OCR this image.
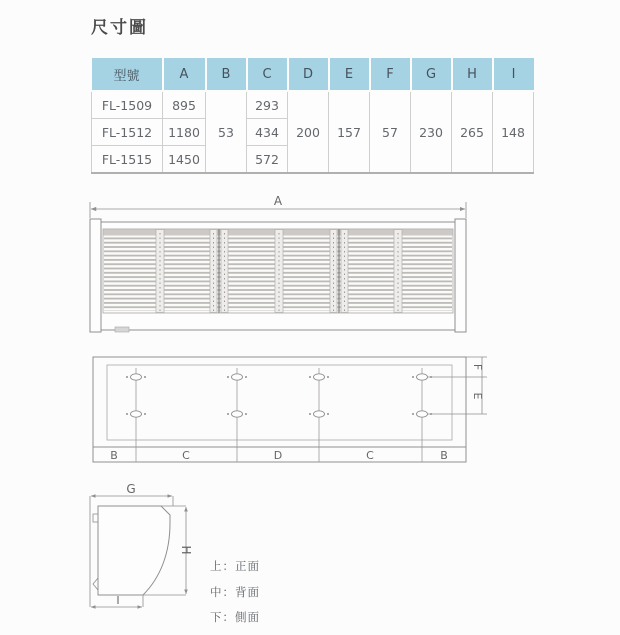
尺寸圖
型號	A	B	C	D	E	F	G	H	I
FL-1509	895	53	293	200	157	57	230	265	148
FL-1512	1180		434						
FL-1515	1450		572						
A
B	C	D	C	B
F
E
G
H
I

上：正面

中：背面

下：側面
